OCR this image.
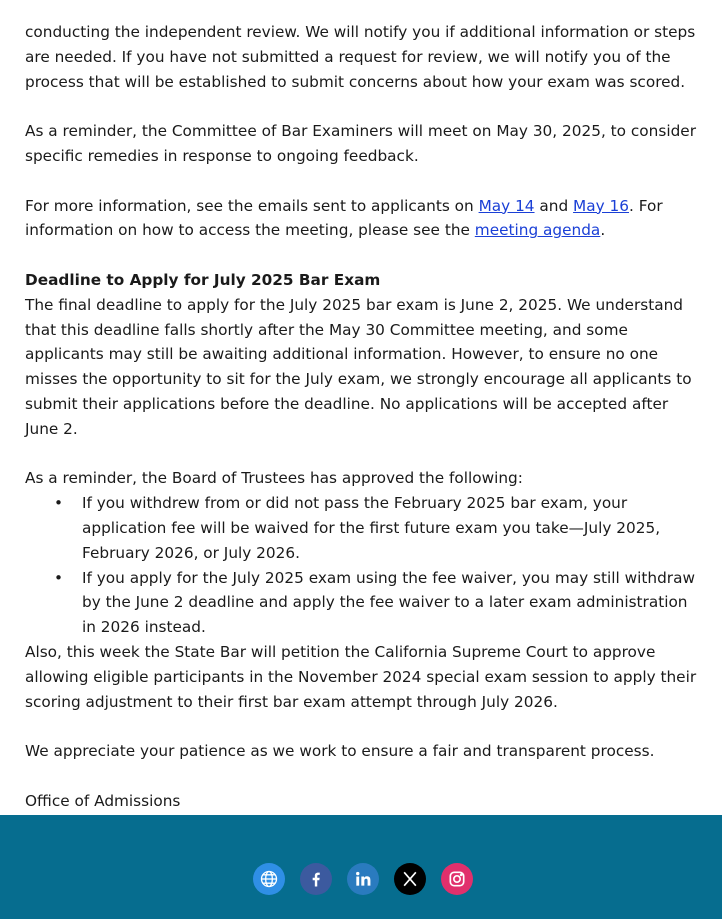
conducting the independent review. We will notify you if additional information or steps are needed. If you have not submitted a request for review, we will notify you of the process that will be established to submit concerns about how your exam was scored.

As a reminder, the Committee of Bar Examiners will meet on May 30, 2025, to consider specific remedies in response to ongoing feedback.

For more information, see the emails sent to applicants on May 14 and May 16. For information on how to access the meeting, please see the meeting agenda.

Deadline to Apply for July 2025 Bar Exam

The final deadline to apply for the July 2025 bar exam is June 2, 2025. We understand that this deadline falls shortly after the May 30 Committee meeting, and some applicants may still be awaiting additional information. However, to ensure no one misses the opportunity to sit for the July exam, we strongly encourage all applicants to submit their applications before the deadline. No applications will be accepted after June 2.

As a reminder, the Board of Trustees has approved the following:

• If you withdrew from or did not pass the February 2025 bar exam, your application fee will be waived for the first future exam you take—July 2025, February 2026, or July 2026.
• If you apply for the July 2025 exam using the fee waiver, you may still withdraw by the June 2 deadline and apply the fee waiver to a later exam administration in 2026 instead.

Also, this week the State Bar will petition the California Supreme Court to approve allowing eligible participants in the November 2024 special exam session to apply their scoring adjustment to their first bar exam attempt through July 2026.

We appreciate your patience as we work to ensure a fair and transparent process.

Office of Admissions
